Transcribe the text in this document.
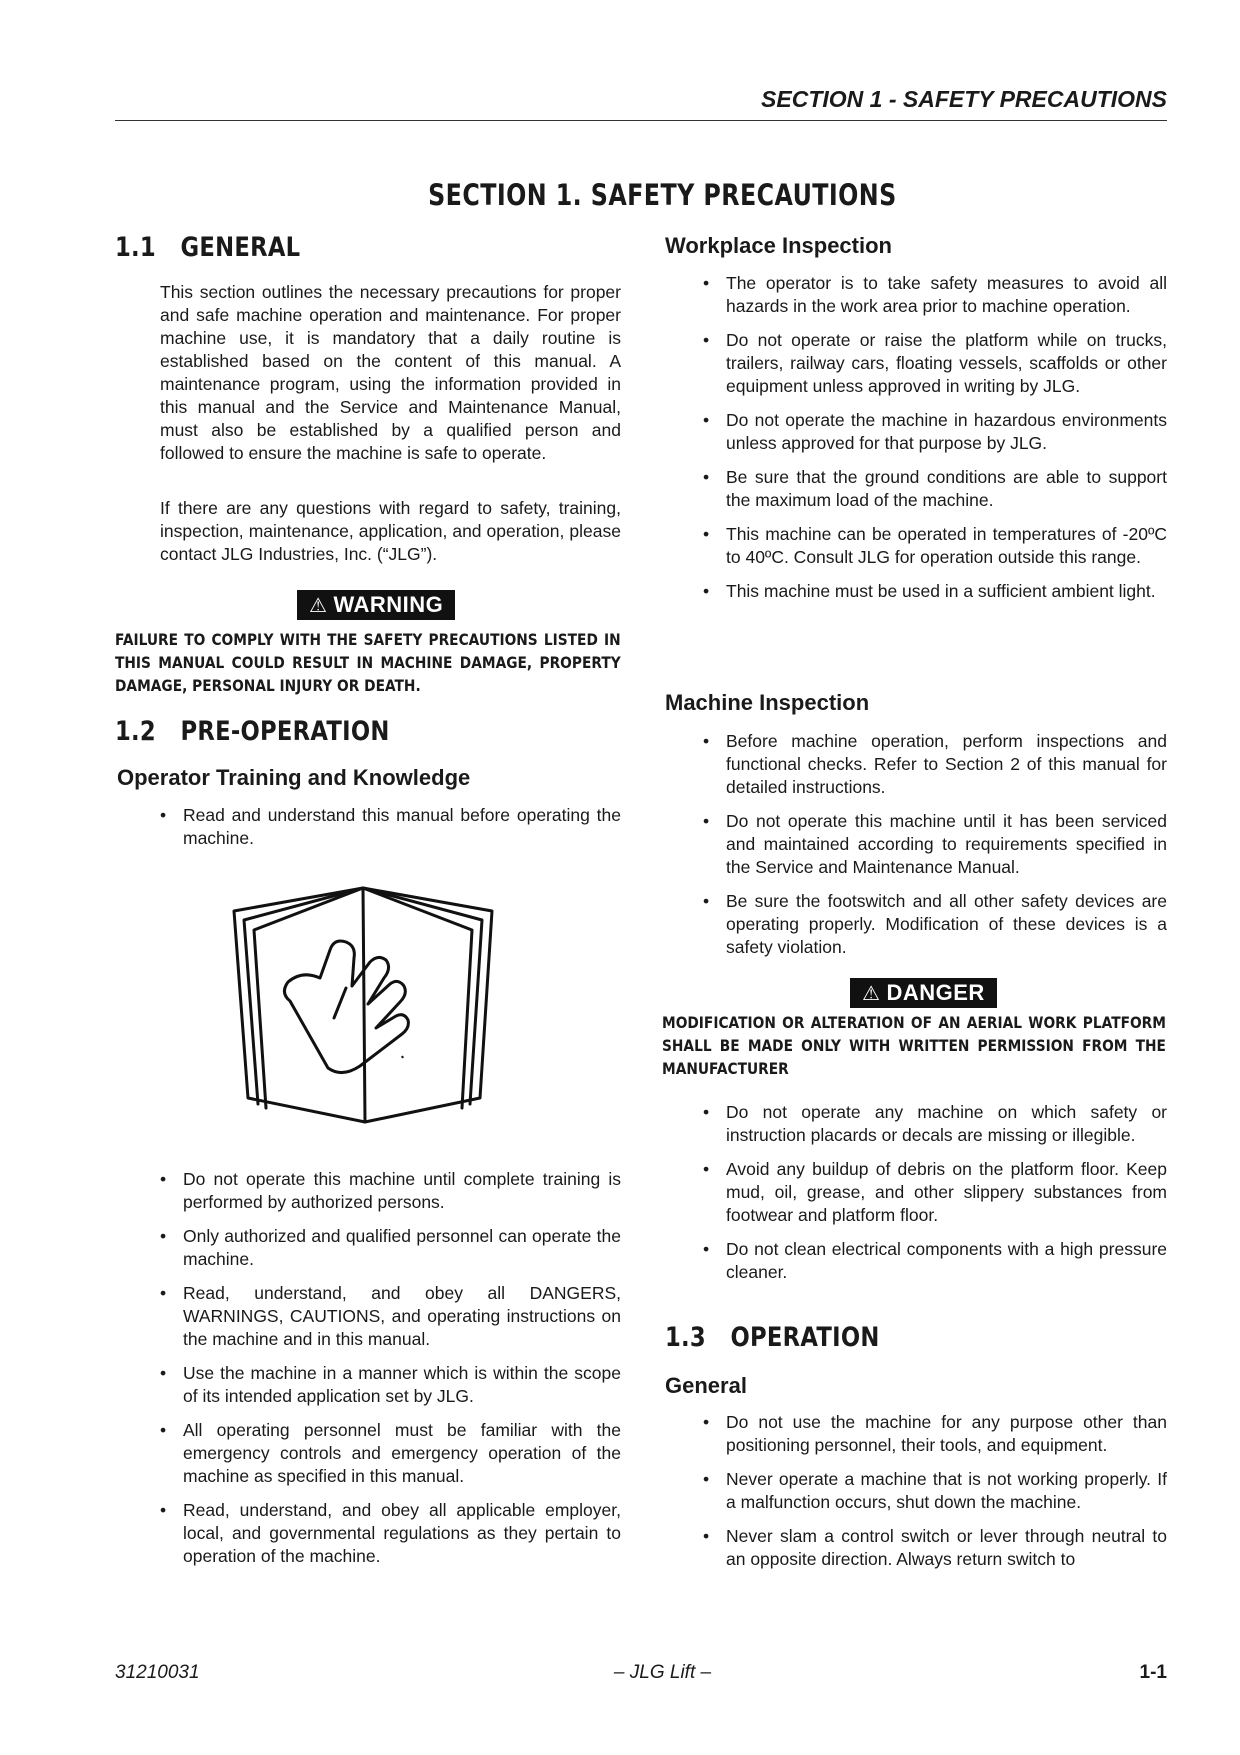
SECTION 1 - SAFETY PRECAUTIONS
SECTION 1. SAFETY PRECAUTIONS
1.1 GENERAL
This section outlines the necessary precautions for proper and safe machine operation and maintenance. For proper machine use, it is mandatory that a daily routine is established based on the content of this manual. A maintenance program, using the information provided in this manual and the Service and Maintenance Manual, must also be established by a qualified person and followed to ensure the machine is safe to operate.
If there are any questions with regard to safety, training, inspection, maintenance, application, and operation, please contact JLG Industries, Inc. (“JLG”).
⚠ WARNING
FAILURE TO COMPLY WITH THE SAFETY PRECAUTIONS LISTED IN THIS MANUAL COULD RESULT IN MACHINE DAMAGE, PROPERTY DAMAGE, PERSONAL INJURY OR DEATH.
1.2 PRE-OPERATION
Operator Training and Knowledge
• Read and understand this manual before operating the machine.
• Do not operate this machine until complete training is performed by authorized persons.
• Only authorized and qualified personnel can operate the machine.
• Read, understand, and obey all DANGERS, WARNINGS, CAUTIONS, and operating instructions on the machine and in this manual.
• Use the machine in a manner which is within the scope of its intended application set by JLG.
• All operating personnel must be familiar with the emergency controls and emergency operation of the machine as specified in this manual.
• Read, understand, and obey all applicable employer, local, and governmental regulations as they pertain to operation of the machine.
Workplace Inspection
• The operator is to take safety measures to avoid all hazards in the work area prior to machine operation.
• Do not operate or raise the platform while on trucks, trailers, railway cars, floating vessels, scaffolds or other equipment unless approved in writing by JLG.
• Do not operate the machine in hazardous environments unless approved for that purpose by JLG.
• Be sure that the ground conditions are able to support the maximum load of the machine.
• This machine can be operated in temperatures of -20ºC to 40ºC. Consult JLG for operation outside this range.
• This machine must be used in a sufficient ambient light.
Machine Inspection
• Before machine operation, perform inspections and functional checks. Refer to Section 2 of this manual for detailed instructions.
• Do not operate this machine until it has been serviced and maintained according to requirements specified in the Service and Maintenance Manual.
• Be sure the footswitch and all other safety devices are operating properly. Modification of these devices is a safety violation.
⚠ DANGER
MODIFICATION OR ALTERATION OF AN AERIAL WORK PLATFORM SHALL BE MADE ONLY WITH WRITTEN PERMISSION FROM THE MANUFACTURER
• Do not operate any machine on which safety or instruction placards or decals are missing or illegible.
• Avoid any buildup of debris on the platform floor. Keep mud, oil, grease, and other slippery substances from footwear and platform floor.
• Do not clean electrical components with a high pressure cleaner.
1.3 OPERATION
General
• Do not use the machine for any purpose other than positioning personnel, their tools, and equipment.
• Never operate a machine that is not working properly. If a malfunction occurs, shut down the machine.
• Never slam a control switch or lever through neutral to an opposite direction. Always return switch to
31210031	– JLG Lift –	1-1
